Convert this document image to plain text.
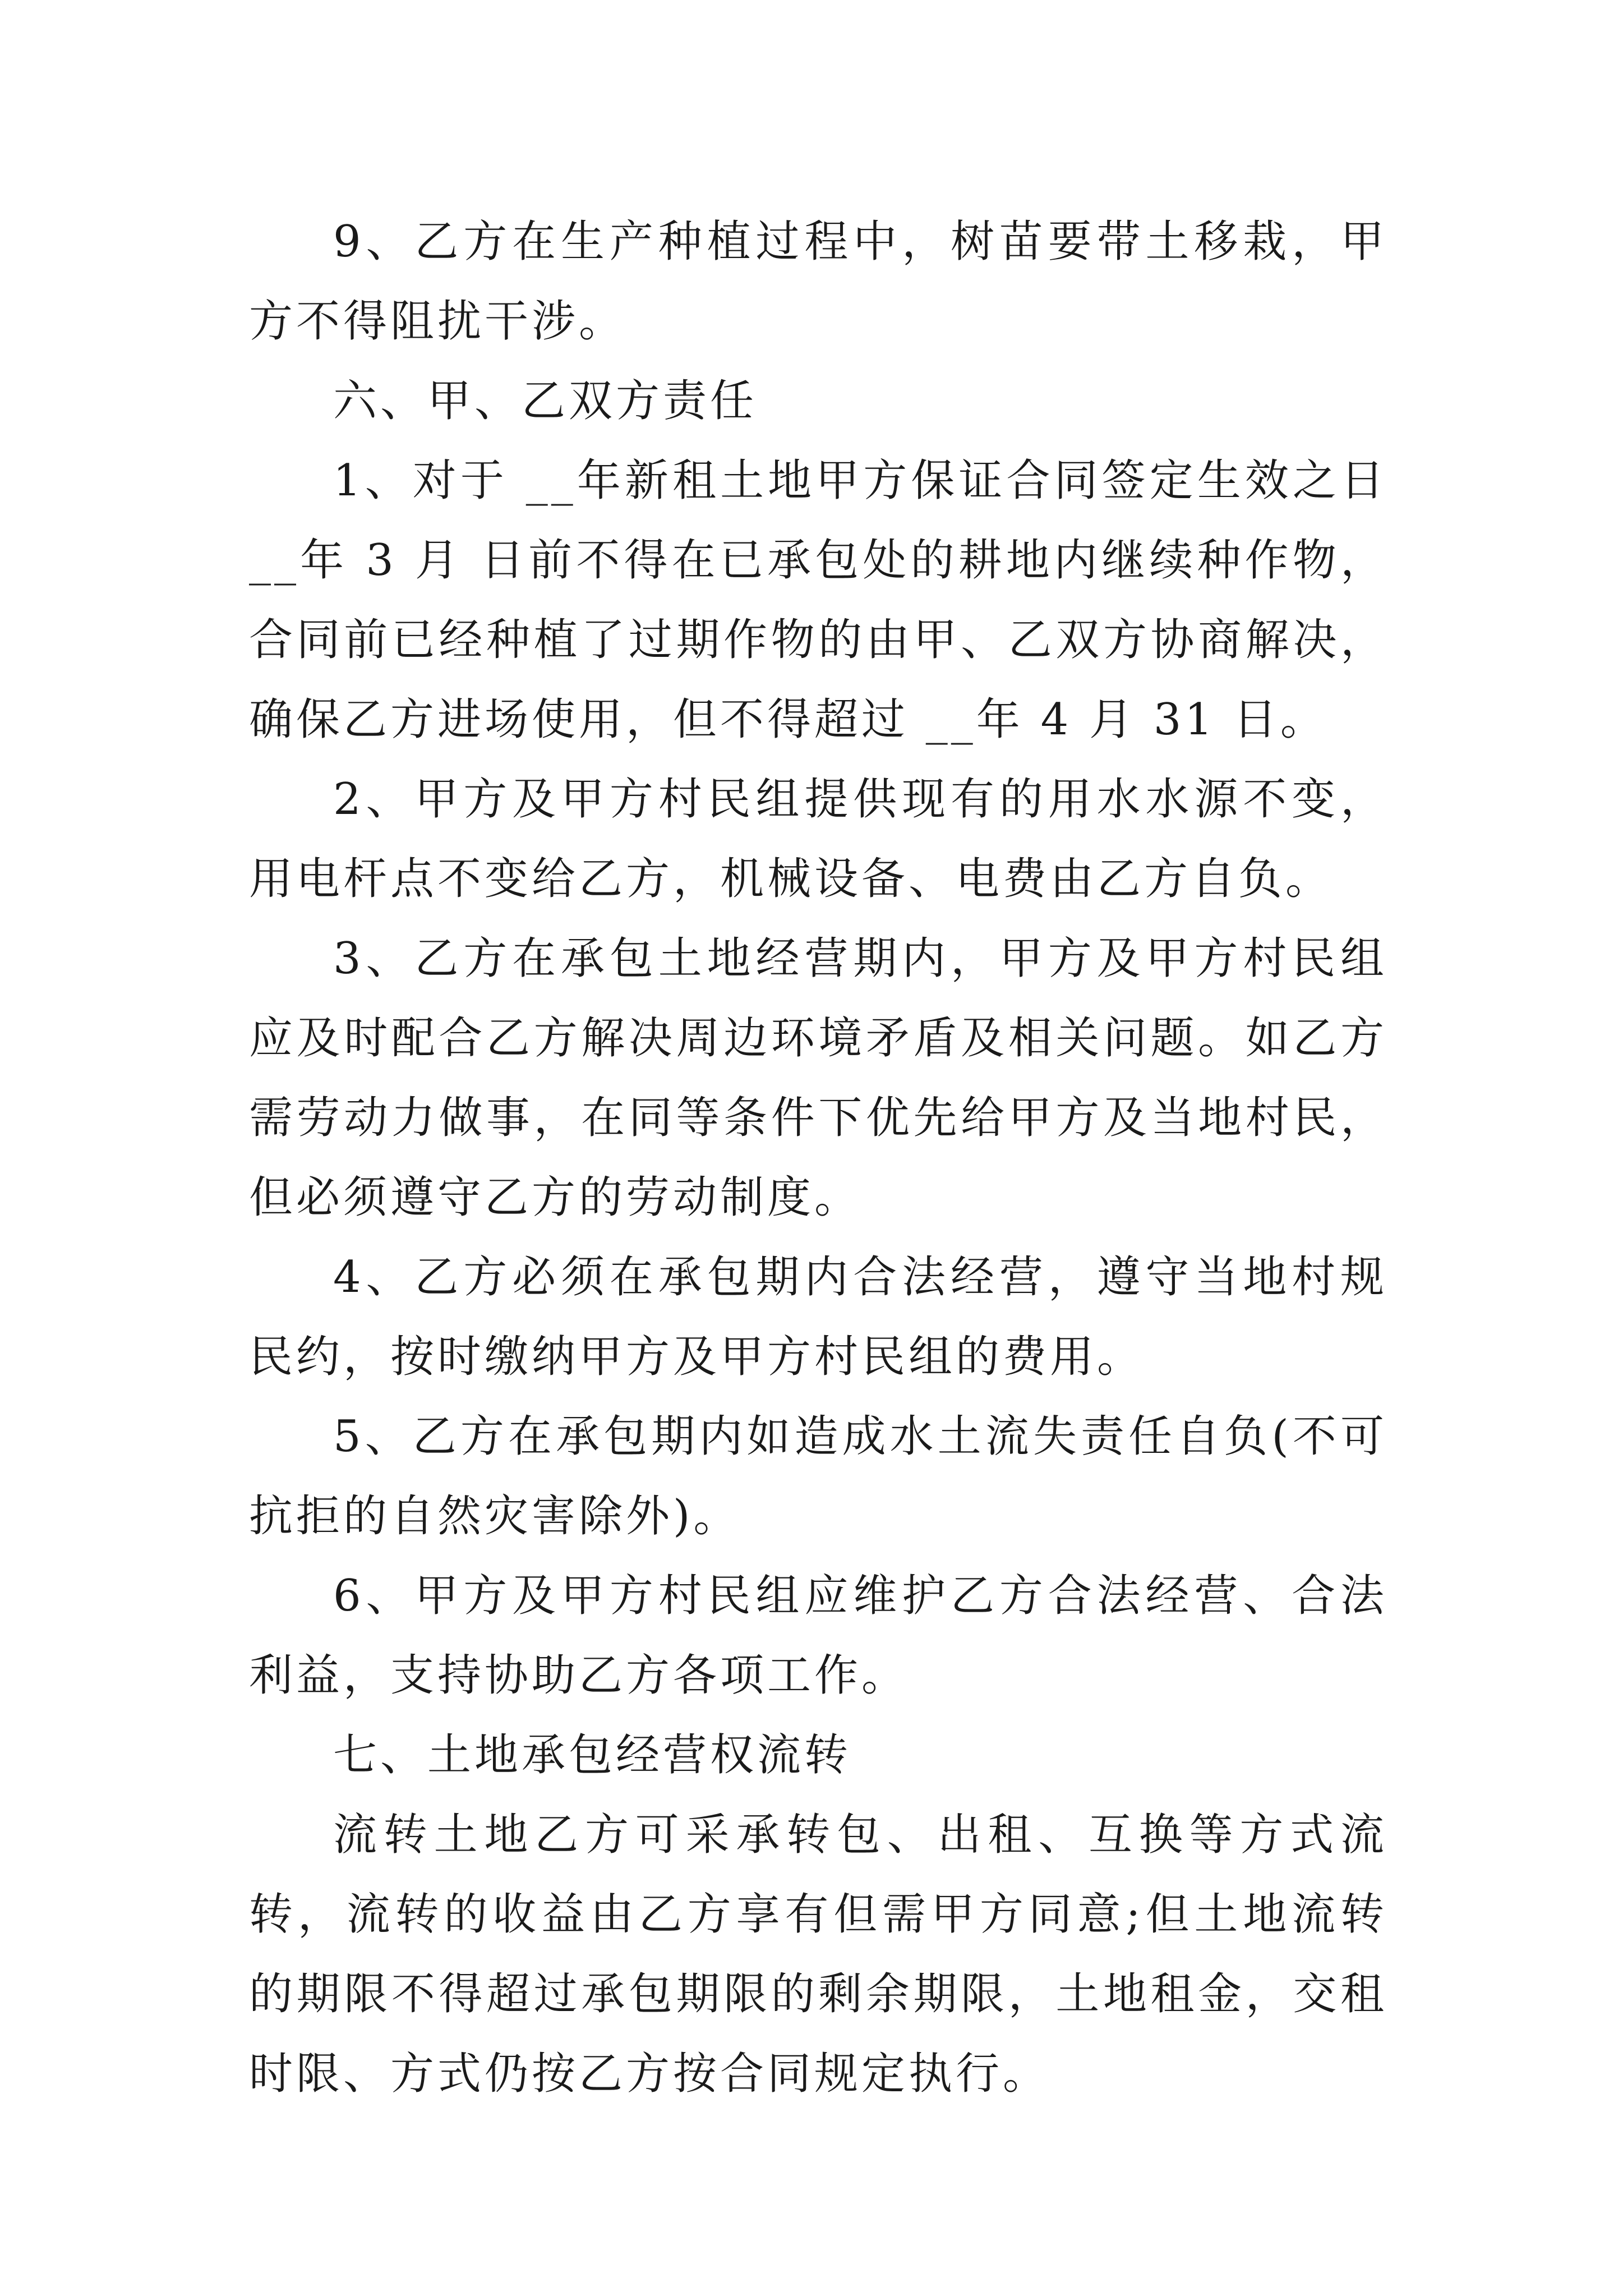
9、乙方在生产种植过程中，树苗要带土移栽，甲方不得阻扰干涉。

六、甲、乙双方责任

1、对于 __年新租土地甲方保证合同签定生效之日 __年 3 月 日前不得在已承包处的耕地内继续种作物，合同前已经种植了过期作物的由甲、乙双方协商解决，确保乙方进场使用，但不得超过 __年 4 月 31 日。

2、甲方及甲方村民组提供现有的用水水源不变，用电杆点不变给乙方，机械设备、电费由乙方自负。

3、乙方在承包土地经营期内，甲方及甲方村民组应及时配合乙方解决周边环境矛盾及相关问题。如乙方需劳动力做事，在同等条件下优先给甲方及当地村民，但必须遵守乙方的劳动制度。

4、乙方必须在承包期内合法经营，遵守当地村规民约，按时缴纳甲方及甲方村民组的费用。

5、乙方在承包期内如造成水土流失责任自负(不可抗拒的自然灾害除外)。

6、甲方及甲方村民组应维护乙方合法经营、合法利益，支持协助乙方各项工作。

七、土地承包经营权流转

流转土地乙方可采承转包、出租、互换等方式流转，流转的收益由乙方享有但需甲方同意;但土地流转的期限不得超过承包期限的剩余期限，土地租金，交租时限、方式仍按乙方按合同规定执行。
